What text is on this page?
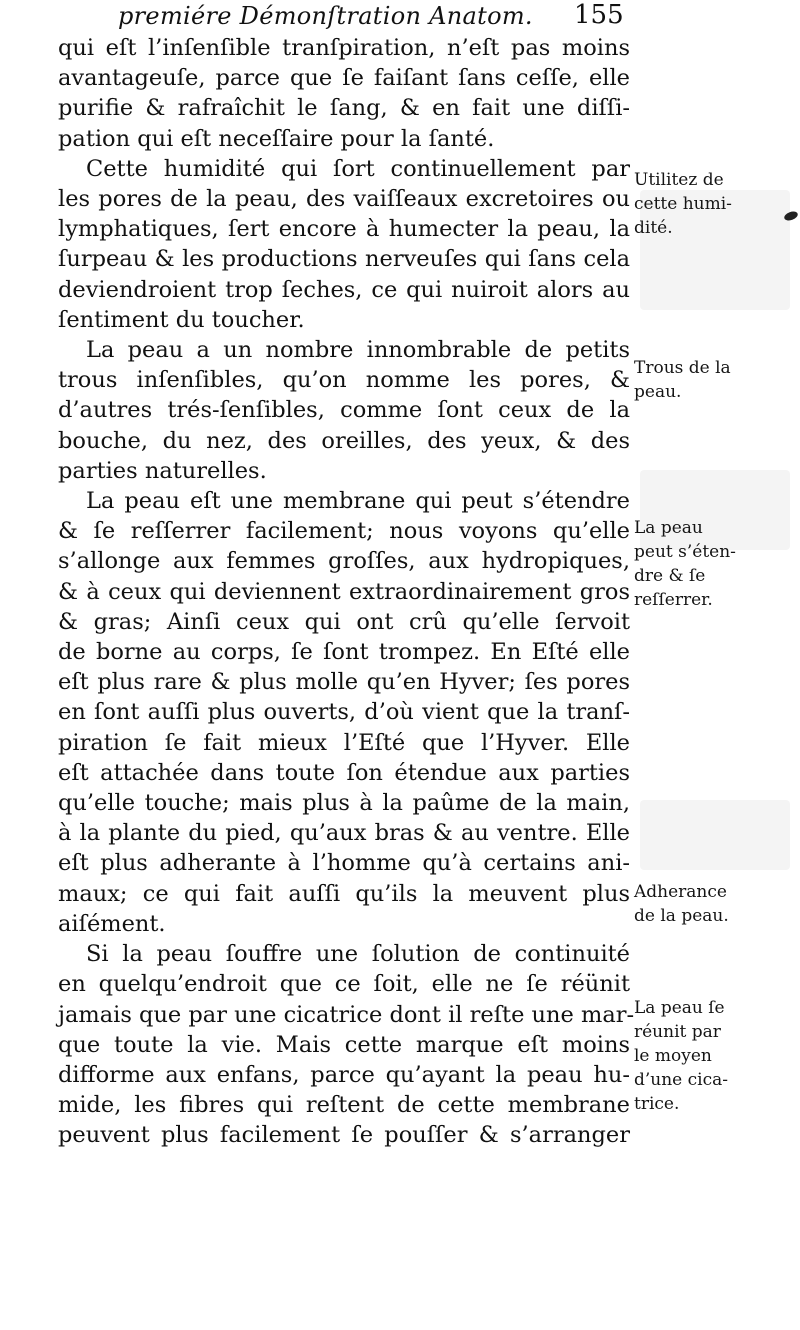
premiére Démonſtration Anatom. 155
qui eſt l’inſenſible tranſpiration, n’eſt pas moins
avantageuſe, parce que ſe faiſant ſans ceſſe, elle
purifie & rafraîchit le ſang, & en fait une diſſi-
pation qui eſt neceſſaire pour la ſanté.
Cette humidité qui ſort continuellement par
les pores de la peau, des vaiſſeaux excretoires ou
lymphatiques, ſert encore à humecter la peau, la
ſurpeau & les productions nerveuſes qui ſans cela
deviendroient trop ſeches, ce qui nuiroit alors au
ſentiment du toucher.
La peau a un nombre innombrable de petits
trous inſenſibles, qu’on nomme les pores, &
d’autres trés-ſenſibles, comme ſont ceux de la
bouche, du nez, des oreilles, des yeux, & des
parties naturelles.
La peau eſt une membrane qui peut s’étendre
& ſe reſſerrer facilement; nous voyons qu’elle
s’allonge aux femmes groſſes, aux hydropiques,
& à ceux qui deviennent extraordinairement gros
& gras; Ainſi ceux qui ont crû qu’elle ſervoit
de borne au corps, ſe ſont trompez. En Eſté elle
eſt plus rare & plus molle qu’en Hyver; ſes pores
en ſont auſſi plus ouverts, d’où vient que la tranſ-
piration ſe fait mieux l’Eſté que l’Hyver. Elle
eſt attachée dans toute ſon étendue aux parties
qu’elle touche; mais plus à la paûme de la main,
à la plante du pied, qu’aux bras & au ventre. Elle
eſt plus adherante à l’homme qu’à certains ani-
maux; ce qui fait auſſi qu’ils la meuvent plus
aiſément.
Si la peau ſouffre une ſolution de continuité
en quelqu’endroit que ce ſoit, elle ne ſe réünit
jamais que par une cicatrice dont il reſte une mar-
que toute la vie. Mais cette marque eſt moins
difforme aux enfans, parce qu’ayant la peau hu-
mide, les fibres qui reſtent de cette membrane
peuvent plus facilement ſe pouſſer & s’arranger
Utilitez de
cette humi-
dité.
Trous de la
peau.
La peau
peut s’éten-
dre & ſe
reſſerrer.
Adherance
de la peau.
La peau ſe
réunit par
le moyen
d’une cica-
trice.
